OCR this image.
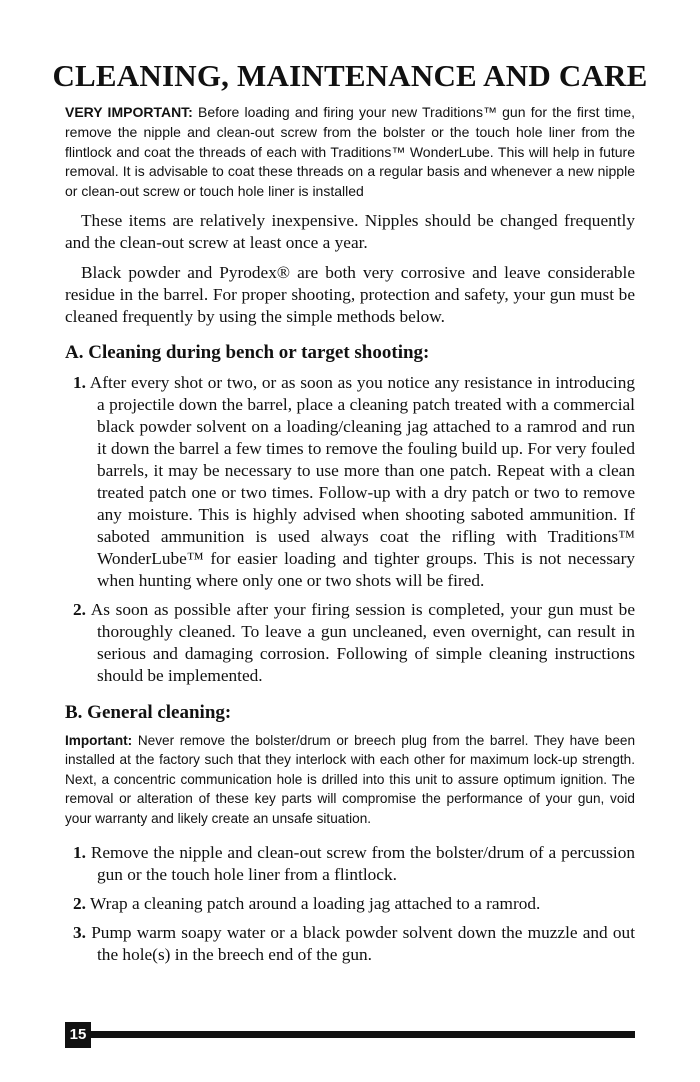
CLEANING, MAINTENANCE AND CARE

VERY IMPORTANT: Before loading and firing your new Traditions™ gun for the first time, remove the nipple and clean-out screw from the bolster or the touch hole liner from the flintlock and coat the threads of each with Traditions™ WonderLube. This will help in future removal. It is advisable to coat these threads on a regular basis and whenever a new nipple or clean-out screw or touch hole liner is installed

These items are relatively inexpensive. Nipples should be changed frequently and the clean-out screw at least once a year.

Black powder and Pyrodex® are both very corrosive and leave considerable residue in the barrel. For proper shooting, protection and safety, your gun must be cleaned frequently by using the simple methods below.

A. Cleaning during bench or target shooting:
1. After every shot or two, or as soon as you notice any resistance in introducing a projectile down the barrel, place a cleaning patch treated with a commercial black powder solvent on a loading/cleaning jag attached to a ramrod and run it down the barrel a few times to remove the fouling build up. For very fouled barrels, it may be necessary to use more than one patch. Repeat with a clean treated patch one or two times. Follow-up with a dry patch or two to remove any moisture. This is highly advised when shooting saboted ammunition. If saboted ammunition is used always coat the rifling with Traditions™ WonderLube™ for easier loading and tighter groups. This is not necessary when hunting where only one or two shots will be fired.
2. As soon as possible after your firing session is completed, your gun must be thoroughly cleaned. To leave a gun uncleaned, even overnight, can result in serious and damaging corrosion. Following of simple cleaning instructions should be implemented.
B. General cleaning:

Important: Never remove the bolster/drum or breech plug from the barrel. They have been installed at the factory such that they interlock with each other for maximum lock-up strength. Next, a concentric communication hole is drilled into this unit to assure optimum ignition. The removal or alteration of these key parts will compromise the performance of your gun, void your warranty and likely create an unsafe situation.

1. Remove the nipple and clean-out screw from the bolster/drum of a percussion gun or the touch hole liner from a flintlock.
2. Wrap a cleaning patch around a loading jag attached to a ramrod.
3. Pump warm soapy water or a black powder solvent down the muzzle and out the hole(s) in the breech end of the gun.
15
